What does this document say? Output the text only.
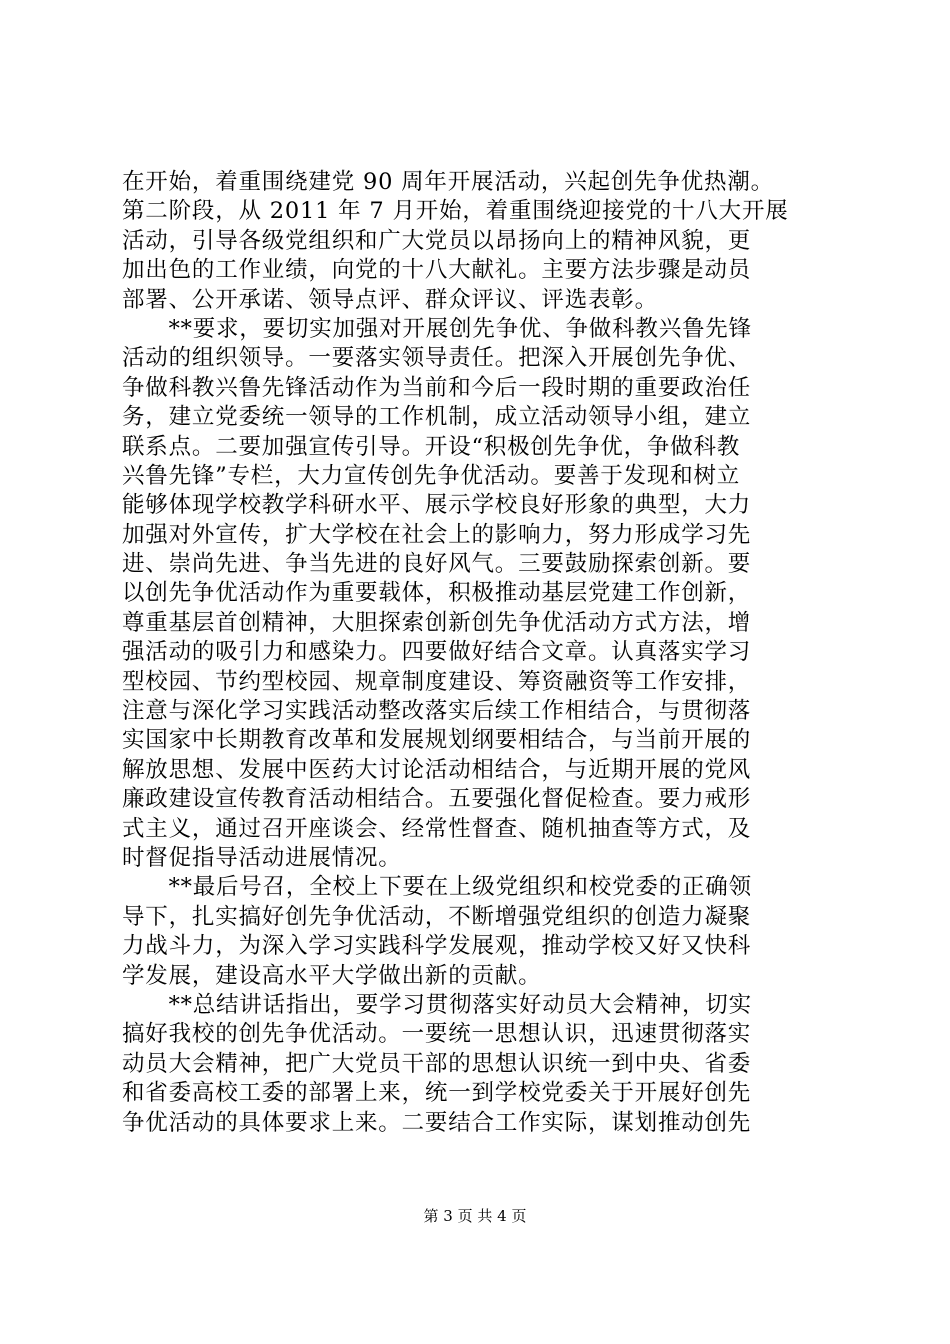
在开始，着重围绕建党 90 周年开展活动，兴起创先争优热潮。
第二阶段，从 2011 年 7 月开始，着重围绕迎接党的十八大开展
活动，引导各级党组织和广大党员以昂扬向上的精神风貌，更
加出色的工作业绩，向党的十八大献礼。主要方法步骤是动员
部署、公开承诺、领导点评、群众评议、评选表彰。
　　**要求，要切实加强对开展创先争优、争做科教兴鲁先锋
活动的组织领导。一要落实领导责任。把深入开展创先争优、
争做科教兴鲁先锋活动作为当前和今后一段时期的重要政治任
务，建立党委统一领导的工作机制，成立活动领导小组，建立
联系点。二要加强宣传引导。开设“积极创先争优，争做科教
兴鲁先锋”专栏，大力宣传创先争优活动。要善于发现和树立
能够体现学校教学科研水平、展示学校良好形象的典型，大力
加强对外宣传，扩大学校在社会上的影响力，努力形成学习先
进、崇尚先进、争当先进的良好风气。三要鼓励探索创新。要
以创先争优活动作为重要载体，积极推动基层党建工作创新，
尊重基层首创精神，大胆探索创新创先争优活动方式方法，增
强活动的吸引力和感染力。四要做好结合文章。认真落实学习
型校园、节约型校园、规章制度建设、筹资融资等工作安排，
注意与深化学习实践活动整改落实后续工作相结合，与贯彻落
实国家中长期教育改革和发展规划纲要相结合，与当前开展的
解放思想、发展中医药大讨论活动相结合，与近期开展的党风
廉政建设宣传教育活动相结合。五要强化督促检查。要力戒形
式主义，通过召开座谈会、经常性督查、随机抽查等方式，及
时督促指导活动进展情况。
　　**最后号召，全校上下要在上级党组织和校党委的正确领
导下，扎实搞好创先争优活动，不断增强党组织的创造力凝聚
力战斗力，为深入学习实践科学发展观，推动学校又好又快科
学发展，建设高水平大学做出新的贡献。
　　**总结讲话指出，要学习贯彻落实好动员大会精神，切实
搞好我校的创先争优活动。一要统一思想认识，迅速贯彻落实
动员大会精神，把广大党员干部的思想认识统一到中央、省委
和省委高校工委的部署上来，统一到学校党委关于开展好创先
争优活动的具体要求上来。二要结合工作实际，谋划推动创先
第 3 页 共 4 页
